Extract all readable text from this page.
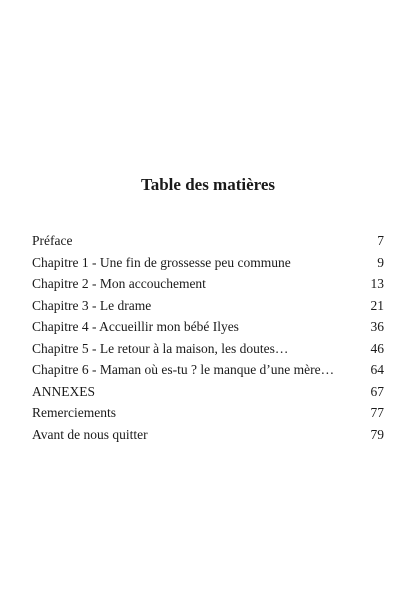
Table des matières
Préface	7
Chapitre 1 - Une fin de grossesse peu commune	9
Chapitre 2 - Mon accouchement	13
Chapitre 3 - Le drame	21
Chapitre 4 - Accueillir mon bébé Ilyes	36
Chapitre 5 - Le retour à la maison, les doutes…	46
Chapitre 6 - Maman où es-tu ? le manque d’une mère…	64
ANNEXES	67
Remerciements	77
Avant de nous quitter	79
